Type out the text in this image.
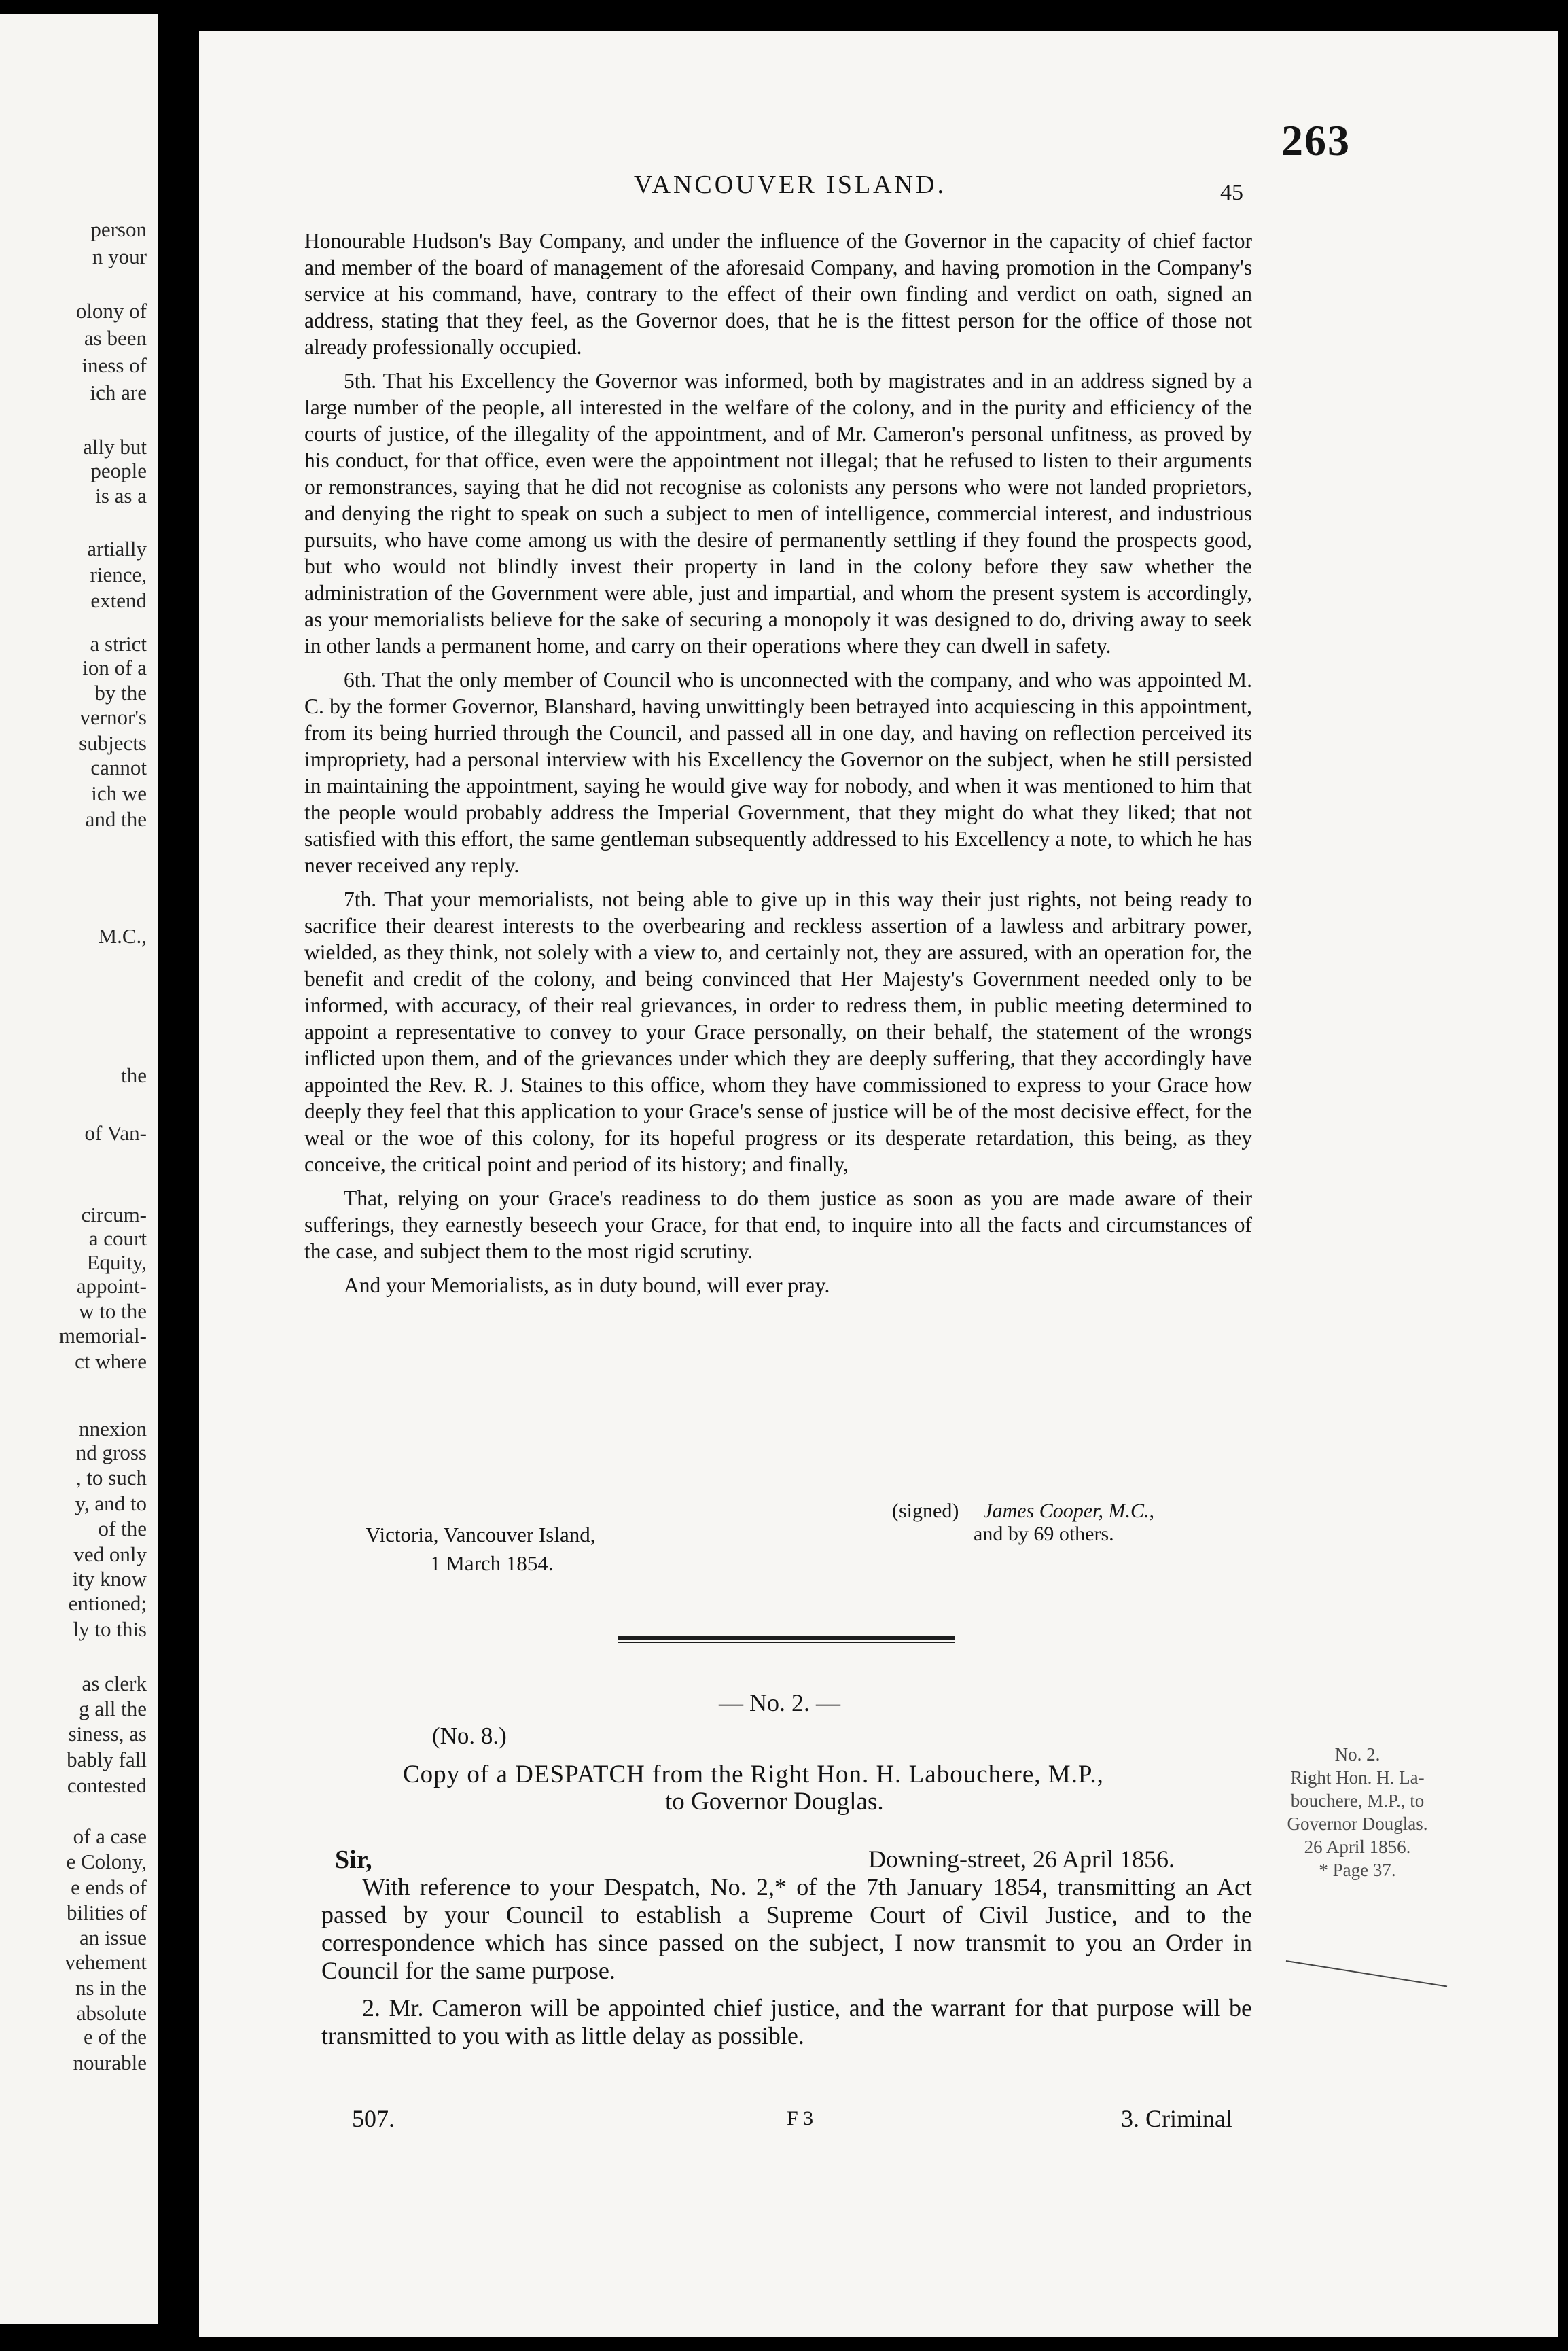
person
n your
olony of
as been
iness of
ich are
ally but
people
is as a
artially
rience,
extend
a strict
ion of a
by the
vernor's
subjects
cannot
ich we
and the
M.C.,
the
of Van-
circum-
a court
Equity,
appoint-
w to the
memorial-
ct where
nnexion
nd gross
, to such
y, and to
of the
ved only
ity know
entioned;
ly to this
as clerk
g all the
siness, as
bably fall
contested
of a case
e Colony,
e ends of
bilities of
an issue
vehement
ns in the
absolute
e of the
nourable
263
VANCOUVER ISLAND.	45

Honourable Hudson's Bay Company, and under the influence of the Governor in the capacity of chief factor and member of the board of management of the aforesaid Company, and having promotion in the Company's service at his command, have, contrary to the effect of their own finding and verdict on oath, signed an address, stating that they feel, as the Governor does, that he is the fittest person for the office of those not already professionally occupied.

5th. That his Excellency the Governor was informed, both by magistrates and in an address signed by a large number of the people, all interested in the welfare of the colony, and in the purity and efficiency of the courts of justice, of the illegality of the appointment, and of Mr. Cameron's personal unfitness, as proved by his conduct, for that office, even were the appointment not illegal; that he refused to listen to their arguments or remonstrances, saying that he did not recognise as colonists any persons who were not landed proprietors, and denying the right to speak on such a subject to men of intelligence, commercial interest, and industrious pursuits, who have come among us with the desire of permanently settling if they found the prospects good, but who would not blindly invest their property in land in the colony before they saw whether the administration of the Government were able, just and impartial, and whom the present system is accordingly, as your memorialists believe for the sake of securing a monopoly it was designed to do, driving away to seek in other lands a permanent home, and carry on their operations where they can dwell in safety.

6th. That the only member of Council who is unconnected with the company, and who was appointed M. C. by the former Governor, Blanshard, having unwittingly been betrayed into acquiescing in this appointment, from its being hurried through the Council, and passed all in one day, and having on reflection perceived its impropriety, had a personal interview with his Excellency the Governor on the subject, when he still persisted in maintaining the appointment, saying he would give way for nobody, and when it was mentioned to him that the people would probably address the Imperial Government, that they might do what they liked; that not satisfied with this effort, the same gentleman subsequently addressed to his Excellency a note, to which he has never received any reply.

7th. That your memorialists, not being able to give up in this way their just rights, not being ready to sacrifice their dearest interests to the overbearing and reckless assertion of a lawless and arbitrary power, wielded, as they think, not solely with a view to, and certainly not, they are assured, with an operation for, the benefit and credit of the colony, and being convinced that Her Majesty's Government needed only to be informed, with accuracy, of their real grievances, in order to redress them, in public meeting determined to appoint a representative to convey to your Grace personally, on their behalf, the statement of the wrongs inflicted upon them, and of the grievances under which they are deeply suffering, that they accordingly have appointed the Rev. R. J. Staines to this office, whom they have commissioned to express to your Grace how deeply they feel that this application to your Grace's sense of justice will be of the most decisive effect, for the weal or the woe of this colony, for its hopeful progress or its desperate retardation, this being, as they conceive, the critical point and period of its history; and finally,

That, relying on your Grace's readiness to do them justice as soon as you are made aware of their sufferings, they earnestly beseech your Grace, for that end, to inquire into all the facts and circumstances of the case, and subject them to the most rigid scrutiny.

And your Memorialists, as in duty bound, will ever pray.

(signed) James Cooper, M.C.,
and by 69 others.
Victoria, Vancouver Island,
1 March 1854.
— No. 2. —
(No. 8.)
Copy of a DESPATCH from the Right Hon. H. Labouchere, M.P.,
to Governor Douglas.
Sir,	Downing-street, 26 April 1856.

With reference to your Despatch, No. 2,* of the 7th January 1854, transmitting an Act passed by your Council to establish a Supreme Court of Civil Justice, and to the correspondence which has since passed on the subject, I now transmit to you an Order in Council for the same purpose.

2. Mr. Cameron will be appointed chief justice, and the warrant for that purpose will be transmitted to you with as little delay as possible.

507.	F 3	3. Criminal
No. 2.
Right Hon. H. La-
bouchere, M.P., to
Governor Douglas.
26 April 1856.
* Page 37.
